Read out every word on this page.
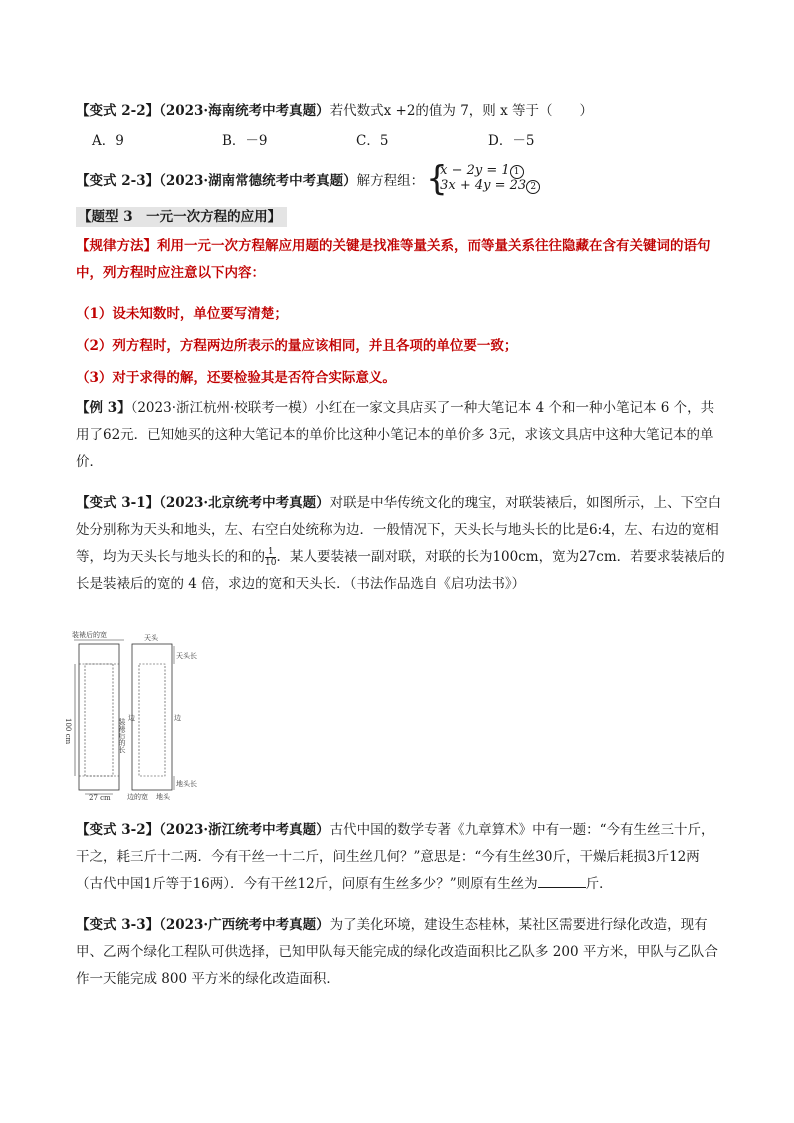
【变式 2-2】（2023·海南统考中考真题）若代数式x +2的值为 7，则 x 等于（　　）
A．9	B．－9	C．5	D．－5
【变式 2-3】（2023·湖南常德统考中考真题）解方程组： {
x − 2y = 1 1
3x + 4y = 23 2
【题型 3　一元一次方程的应用】
【规律方法】利用一元一次方程解应用题的关键是找准等量关系，而等量关系往往隐藏在含有关键词的语句中，列方程时应注意以下内容：
（1）设未知数时，单位要写清楚；
（2）列方程时，方程两边所表示的量应该相同，并且各项的单位要一致；
（3）对于求得的解，还要检验其是否符合实际意义。
【例 3】（2023·浙江杭州·校联考一模）小红在一家文具店买了一种大笔记本 4 个和一种小笔记本 6 个，共用了62元．已知她买的这种大笔记本的单价比这种小笔记本的单价多 3元，求该文具店中这种大笔记本的单价．
【变式 3-1】（2023·北京统考中考真题）对联是中华传统文化的瑰宝，对联装裱后，如图所示，上、下空白处分别称为天头和地头，左、右空白处统称为边．一般情况下，天头长与地头长的比是6:4，左、右边的宽相等，均为天头长与地头长的和的 $\frac{1}{10}$ ．某人要装裱一副对联，对联的长为100cm，宽为27cm．若要求装裱后的长是装裱后的宽的 4 倍，求边的宽和天头长．（书法作品选自《启功法书》）
装裱后的宽
100 cm
27 cm
天头
天头长
装裱后的长 边	边
地头长
边的宽 地头
【变式 3-2】（2023·浙江统考中考真题）古代中国的数学专著《九章算术》中有一题：“今有生丝三十斤，干之，耗三斤十二两．今有干丝一十二斤，问生丝几何？”意思是：“今有生丝30斤，干燥后耗损3斤12两（古代中国1斤等于16两）．今有干丝12斤，问原有生丝多少？”则原有生丝为	斤．
【变式 3-3】（2023·广西统考中考真题）为了美化环境，建设生态桂林，某社区需要进行绿化改造，现有甲、乙两个绿化工程队可供选择，已知甲队每天能完成的绿化改造面积比乙队多 200 平方米，甲队与乙队合作一天能完成 800 平方米的绿化改造面积．
